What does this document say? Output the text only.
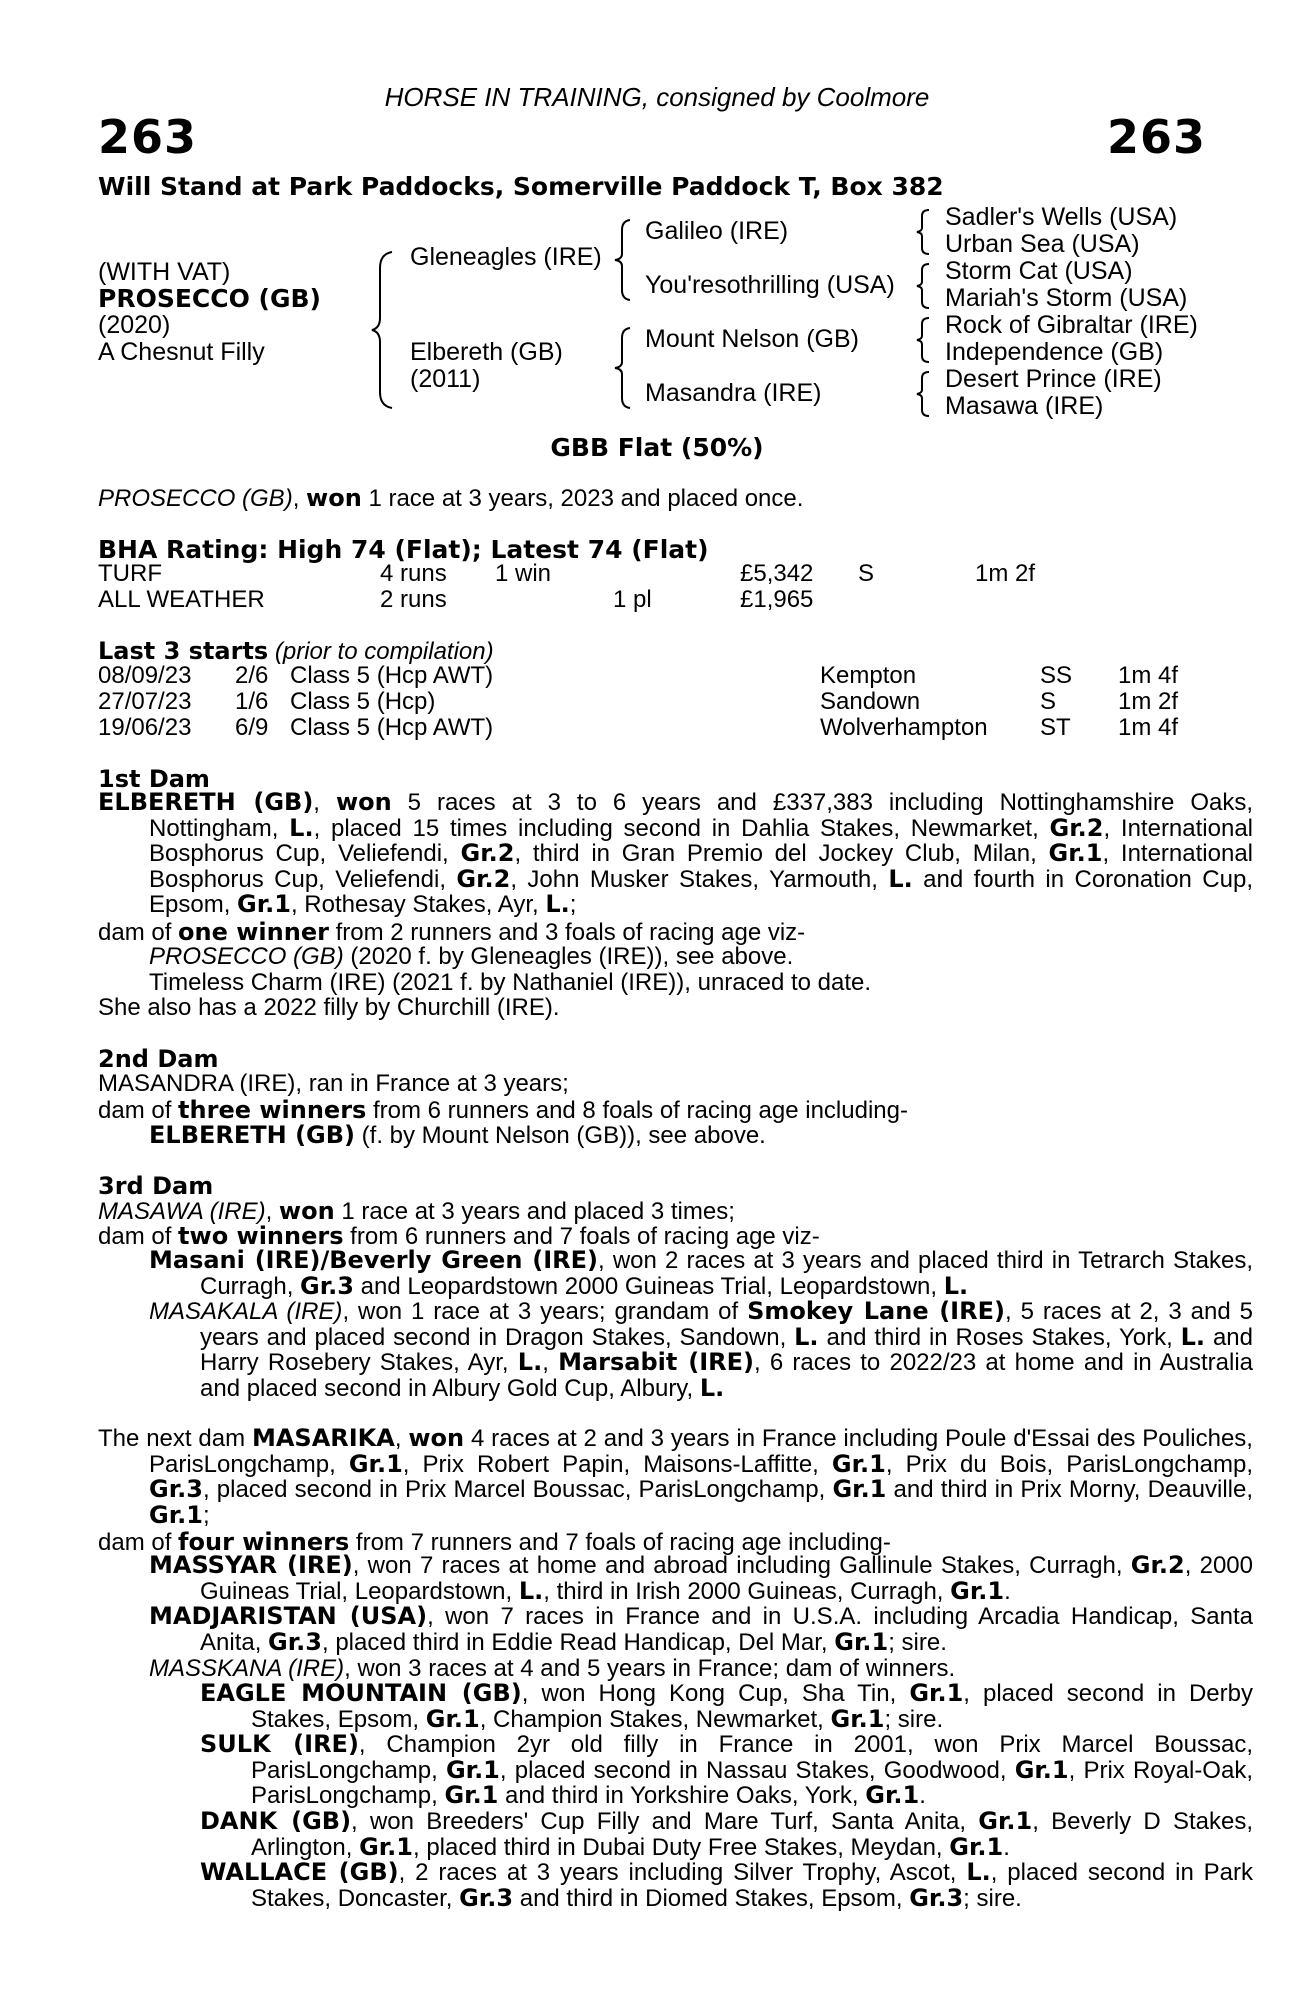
HORSE IN TRAINING, consigned by Coolmore
263	263
Will Stand at Park Paddocks, Somerville Paddock T, Box 382
(WITH VAT)
PROSECCO (GB)
(2020)
A Chesnut Filly
Gleneagles (IRE)
Elbereth (GB)
(2011)
Galileo (IRE)
You'resothrilling (USA)
Mount Nelson (GB)
Masandra (IRE)
Sadler's Wells (USA)
Urban Sea (USA)
Storm Cat (USA)
Mariah's Storm (USA)
Rock of Gibraltar (IRE)
Independence (GB)
Desert Prince (IRE)
Masawa (IRE)
GBB Flat (50%)
PROSECCO (GB), won 1 race at 3 years, 2023 and placed once.
BHA Rating: High 74 (Flat); Latest 74 (Flat)
TURF	4 runs 1 win	£5,342 S	1m 2f
ALL WEATHER	2 runs	1 pl	£1,965
Last 3 starts (prior to compilation)
08/09/23 2/6 Class 5 (Hcp AWT)	Kempton	SS 1m 4f
27/07/23 1/6 Class 5 (Hcp)	Sandown	S	1m 2f
19/06/23 6/9 Class 5 (Hcp AWT)	Wolverhampton ST 1m 4f
1st Dam
ELBERETH (GB), won 5 races at 3 to 6 years and £337,383 including Nottinghamshire Oaks, Nottingham, L., placed 15 times including second in Dahlia Stakes, Newmarket, Gr.2, International Bosphorus Cup, Veliefendi, Gr.2, third in Gran Premio del Jockey Club, Milan, Gr.1, International Bosphorus Cup, Veliefendi, Gr.2, John Musker Stakes, Yarmouth, L. and fourth in Coronation Cup, Epsom, Gr.1, Rothesay Stakes, Ayr, L.;
dam of one winner from 2 runners and 3 foals of racing age viz-
PROSECCO (GB) (2020 f. by Gleneagles (IRE)), see above.
Timeless Charm (IRE) (2021 f. by Nathaniel (IRE)), unraced to date.
She also has a 2022 filly by Churchill (IRE).
2nd Dam
MASANDRA (IRE), ran in France at 3 years;
dam of three winners from 6 runners and 8 foals of racing age including-
ELBERETH (GB) (f. by Mount Nelson (GB)), see above.
3rd Dam
MASAWA (IRE), won 1 race at 3 years and placed 3 times;
dam of two winners from 6 runners and 7 foals of racing age viz-
Masani (IRE)/Beverly Green (IRE), won 2 races at 3 years and placed third in Tetrarch Stakes, Curragh, Gr.3 and Leopardstown 2000 Guineas Trial, Leopardstown, L.
MASAKALA (IRE), won 1 race at 3 years; grandam of Smokey Lane (IRE), 5 races at 2, 3 and 5 years and placed second in Dragon Stakes, Sandown, L. and third in Roses Stakes, York, L. and Harry Rosebery Stakes, Ayr, L., Marsabit (IRE), 6 races to 2022/23 at home and in Australia and placed second in Albury Gold Cup, Albury, L.
The next dam MASARIKA, won 4 races at 2 and 3 years in France including Poule d'Essai des Pouliches, ParisLongchamp, Gr.1, Prix Robert Papin, Maisons-Laffitte, Gr.1, Prix du Bois, ParisLongchamp, Gr.3, placed second in Prix Marcel Boussac, ParisLongchamp, Gr.1 and third in Prix Morny, Deauville, Gr.1;
dam of four winners from 7 runners and 7 foals of racing age including-
MASSYAR (IRE), won 7 races at home and abroad including Gallinule Stakes, Curragh, Gr.2, 2000 Guineas Trial, Leopardstown, L., third in Irish 2000 Guineas, Curragh, Gr.1.
MADJARISTAN (USA), won 7 races in France and in U.S.A. including Arcadia Handicap, Santa Anita, Gr.3, placed third in Eddie Read Handicap, Del Mar, Gr.1; sire.
MASSKANA (IRE), won 3 races at 4 and 5 years in France; dam of winners.
EAGLE MOUNTAIN (GB), won Hong Kong Cup, Sha Tin, Gr.1, placed second in Derby Stakes, Epsom, Gr.1, Champion Stakes, Newmarket, Gr.1; sire.
SULK (IRE), Champion 2yr old filly in France in 2001, won Prix Marcel Boussac, ParisLongchamp, Gr.1, placed second in Nassau Stakes, Goodwood, Gr.1, Prix Royal-Oak, ParisLongchamp, Gr.1 and third in Yorkshire Oaks, York, Gr.1.
DANK (GB), won Breeders' Cup Filly and Mare Turf, Santa Anita, Gr.1, Beverly D Stakes, Arlington, Gr.1, placed third in Dubai Duty Free Stakes, Meydan, Gr.1.
WALLACE (GB), 2 races at 3 years including Silver Trophy, Ascot, L., placed second in Park Stakes, Doncaster, Gr.3 and third in Diomed Stakes, Epsom, Gr.3; sire.
